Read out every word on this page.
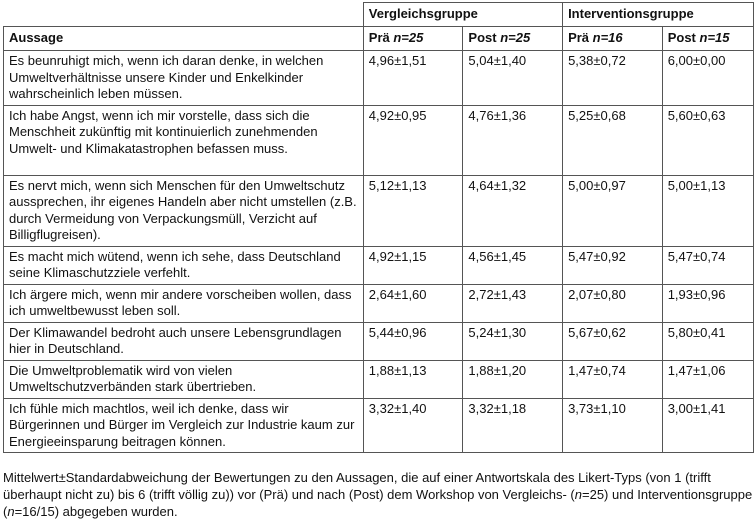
	Vergleichsgruppe		Interventionsgruppe	
Aussage	Prä n=25	Post n=25	Prä n=16	Post n=15
Es beunruhigt mich, wenn ich daran denke, in welchen Umweltverhältnisse unsere Kinder und Enkelkinder wahrscheinlich leben müssen.	4,96±1,51	5,04±1,40	5,38±0,72	6,00±0,00
Ich habe Angst, wenn ich mir vorstelle, dass sich die Menschheit zukünftig mit kontinuierlich zunehmenden Umwelt- und Klimakatastrophen befassen muss.	4,92±0,95	4,76±1,36	5,25±0,68	5,60±0,63
Es nervt mich, wenn sich Menschen für den Umweltschutz aussprechen, ihr eigenes Handeln aber nicht umstellen (z.B. durch Vermeidung von Verpackungsmüll, Verzicht auf Billigflugreisen).	5,12±1,13	4,64±1,32	5,00±0,97	5,00±1,13
Es macht mich wütend, wenn ich sehe, dass Deutschland seine Klimaschutzziele verfehlt.	4,92±1,15	4,56±1,45	5,47±0,92	5,47±0,74
Ich ärgere mich, wenn mir andere vorscheiben wollen, dass ich umweltbewusst leben soll.	2,64±1,60	2,72±1,43	2,07±0,80	1,93±0,96
Der Klimawandel bedroht auch unsere Lebensgrundlagen hier in Deutschland.	5,44±0,96	5,24±1,30	5,67±0,62	5,80±0,41
Die Umweltproblematik wird von vielen Umweltschutzverbänden stark übertrieben.	1,88±1,13	1,88±1,20	1,47±0,74	1,47±1,06
Ich fühle mich machtlos, weil ich denke, dass wir Bürgerinnen und Bürger im Vergleich zur Industrie kaum zur Energieeinsparung beitragen können.	3,32±1,40	3,32±1,18	3,73±1,10	3,00±1,41
Mittelwert±Standardabweichung der Bewertungen zu den Aussagen, die auf einer Antwortskala des Likert-Typs (von 1 (trifft überhaupt nicht zu) bis 6 (trifft völlig zu)) vor (Prä) und nach (Post) dem Workshop von Vergleichs- (n=25) und Interventionsgruppe (n=16/15) abgegeben wurden.
